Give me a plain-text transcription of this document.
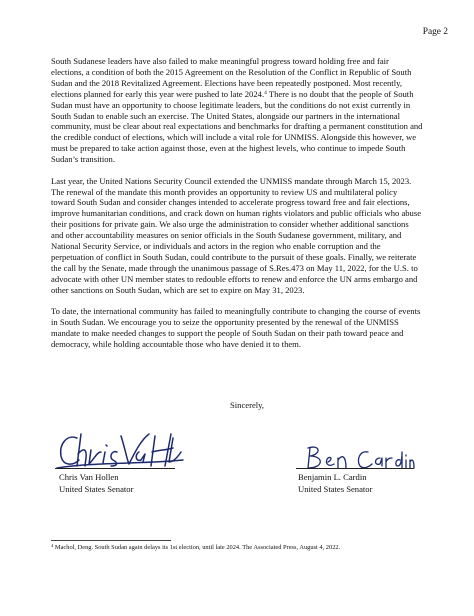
Page 2

South Sudanese leaders have also failed to make meaningful progress toward holding free and fair elections, a condition of both the 2015 Agreement on the Resolution of the Conflict in Republic of South Sudan and the 2018 Revitalized Agreement. Elections have been repeatedly postponed. Most recently, elections planned for early this year were pushed to late 2024.$^4$ There is no doubt that the people of South Sudan must have an opportunity to choose legitimate leaders, but the conditions do not exist currently in South Sudan to enable such an exercise. The United States, alongside our partners in the international community, must be clear about real expectations and benchmarks for drafting a permanent constitution and the credible conduct of elections, which will include a vital role for UNMISS. Alongside this however, we must be prepared to take action against those, even at the highest levels, who continue to impede South Sudan’s transition.

Last year, the United Nations Security Council extended the UNMISS mandate through March 15, 2023. The renewal of the mandate this month provides an opportunity to review US and multilateral policy toward South Sudan and consider changes intended to accelerate progress toward free and fair elections, improve humanitarian conditions, and crack down on human rights violators and public officials who abuse their positions for private gain. We also urge the administration to consider whether additional sanctions and other accountability measures on senior officials in the South Sudanese government, military, and National Security Service, or individuals and actors in the region who enable corruption and the perpetuation of conflict in South Sudan, could contribute to the pursuit of these goals. Finally, we reiterate the call by the Senate, made through the unanimous passage of S.Res.473 on May 11, 2022, for the U.S. to advocate with other UN member states to redouble efforts to renew and enforce the UN arms embargo and other sanctions on South Sudan, which are set to expire on May 31, 2023.

To date, the international community has failed to meaningfully contribute to changing the course of events in South Sudan. We encourage you to seize the opportunity presented by the renewal of the UNMISS mandate to make needed changes to support the people of South Sudan on their path toward peace and democracy, while holding accountable those who have denied it to them.

Sincerely,
Chris Van Hollen
United States Senator
Benjamin L. Cardin
United States Senator
$^4$ Machol, Deng. South Sudan again delays its 1st election, until late 2024. The Associated Press, August 4, 2022.
